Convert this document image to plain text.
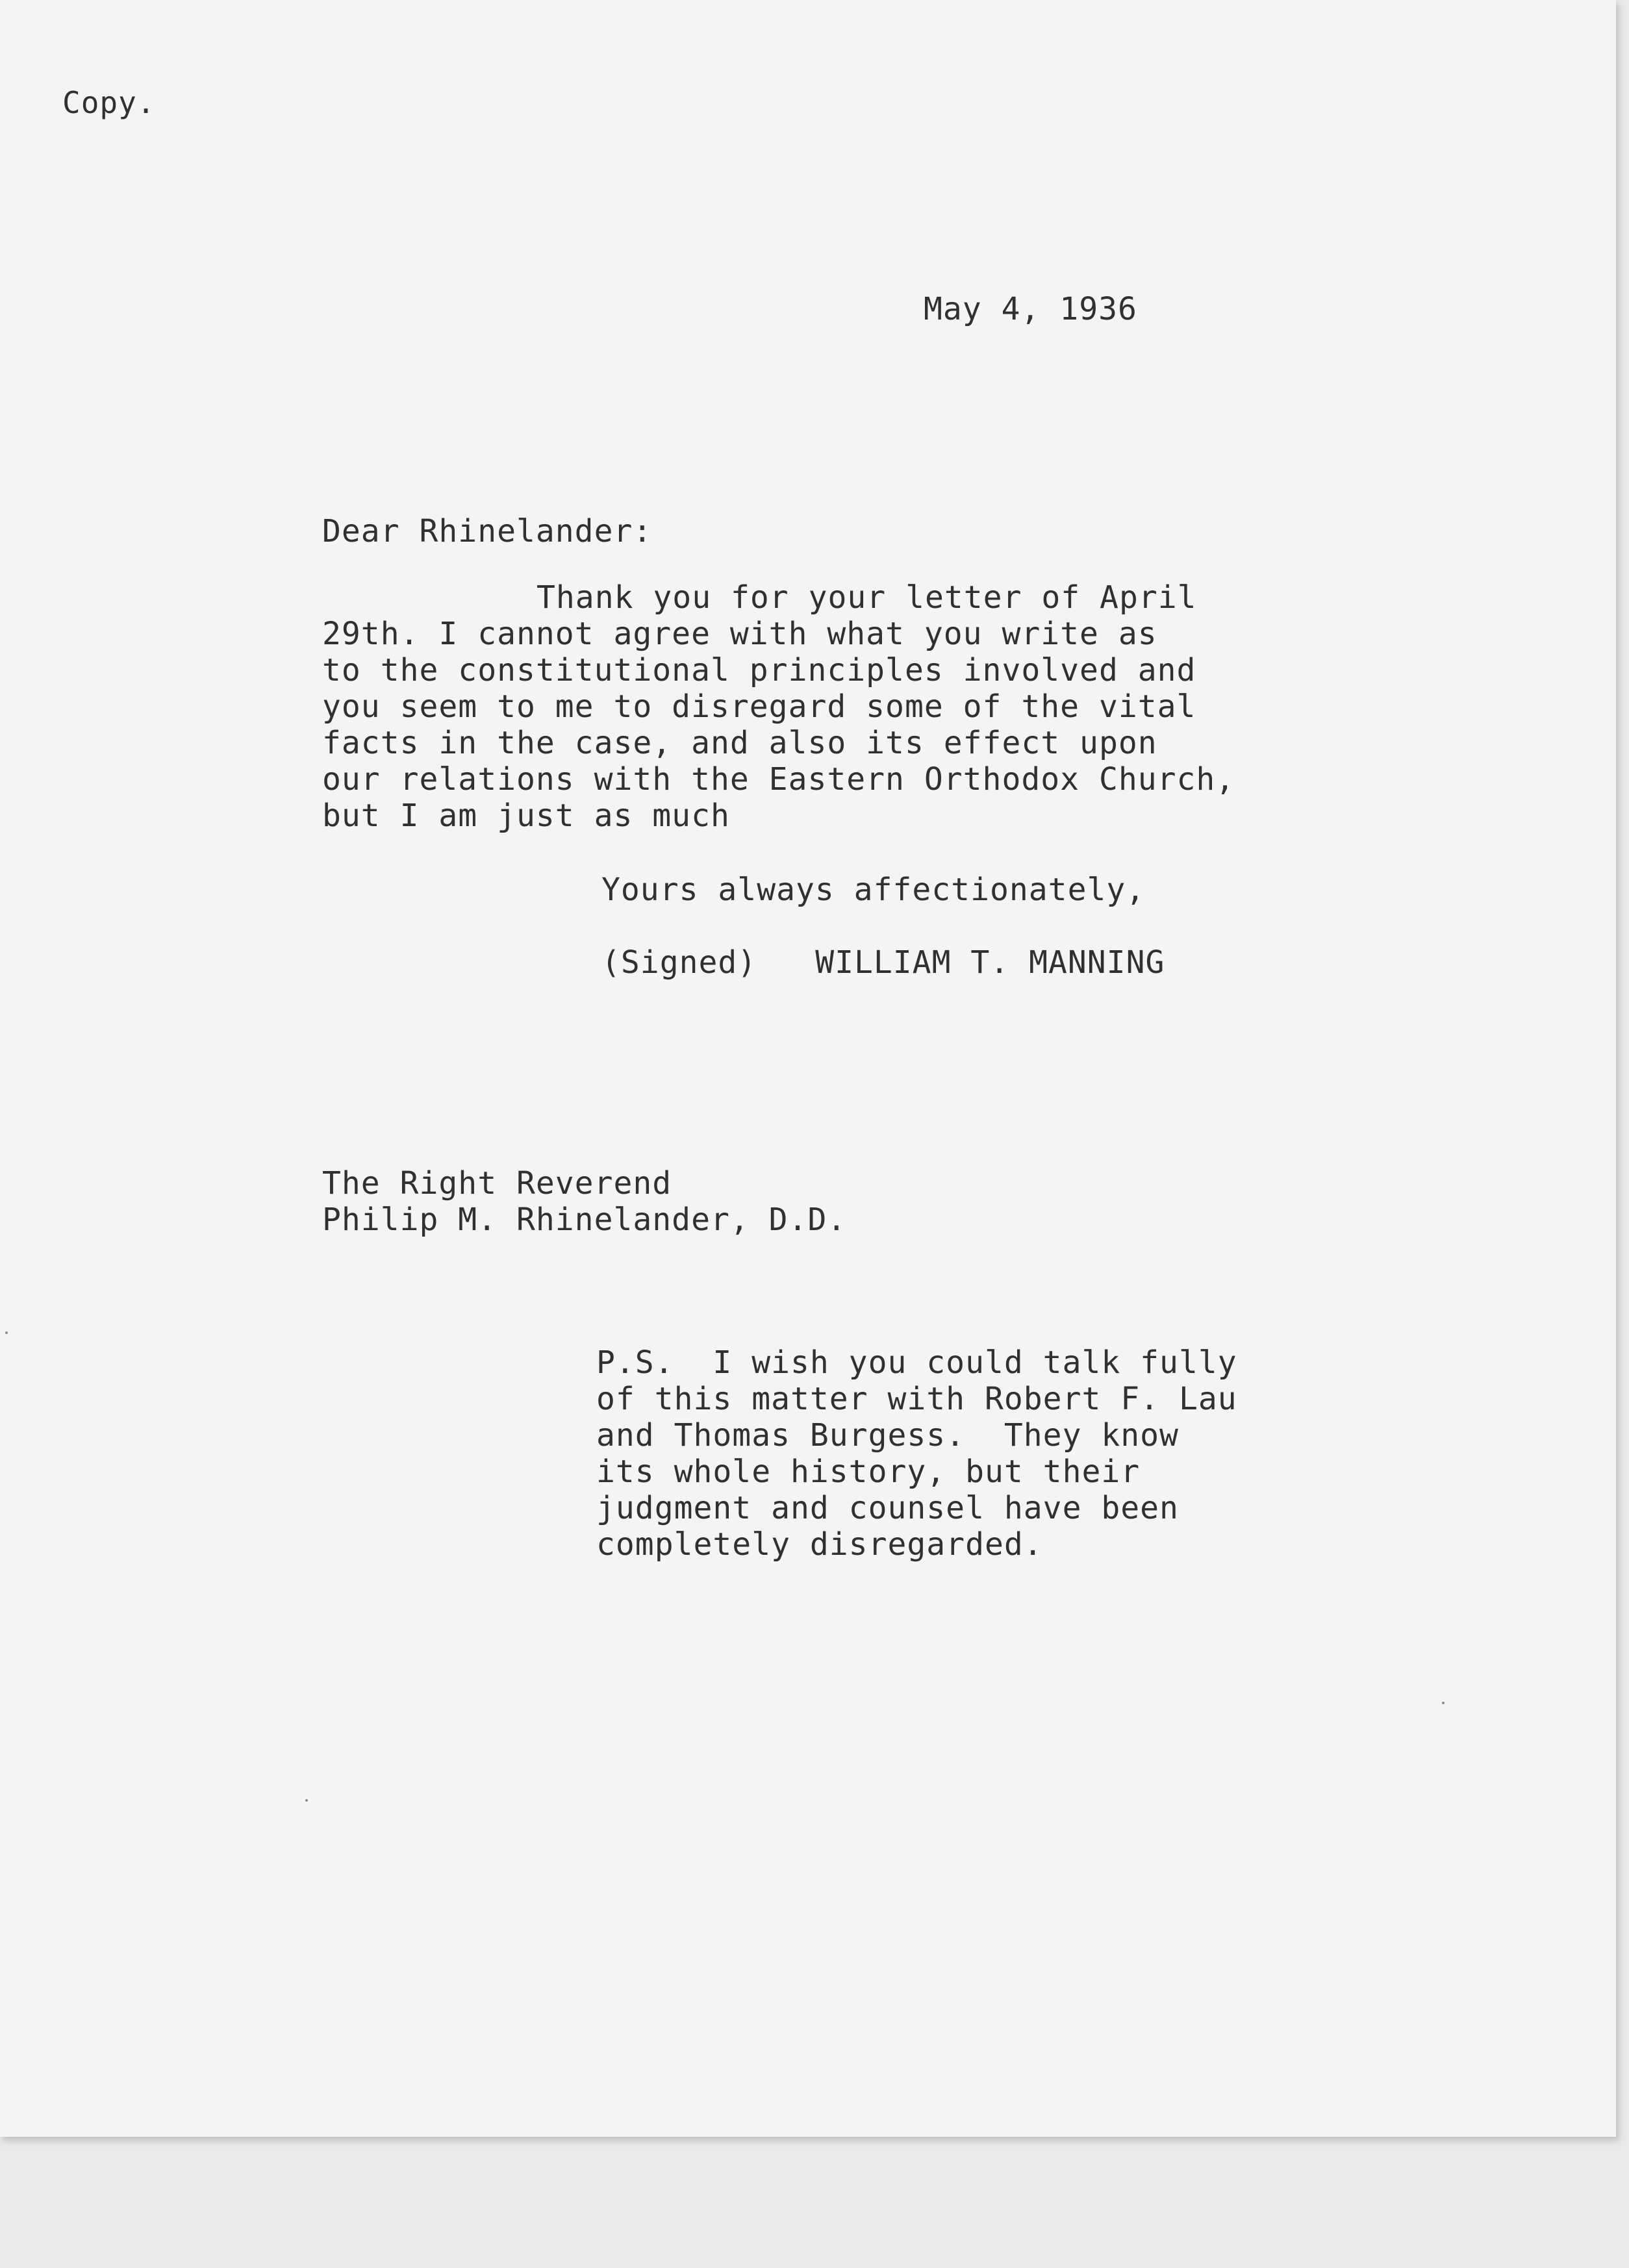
Copy.
May 4, 1936
Dear Rhinelander:
Thank you for your letter of April
29th. I cannot agree with what you write as
to the constitutional principles involved and
you seem to me to disregard some of the vital
facts in the case, and also its effect upon
our relations with the Eastern Orthodox Church,
but I am just as much
Yours always affectionately,
(Signed) WILLIAM T. MANNING
The Right Reverend
Philip M. Rhinelander, D.D.
P.S.  I wish you could talk fully
of this matter with Robert F. Lau
and Thomas Burgess.  They know
its whole history, but their
judgment and counsel have been
completely disregarded.
